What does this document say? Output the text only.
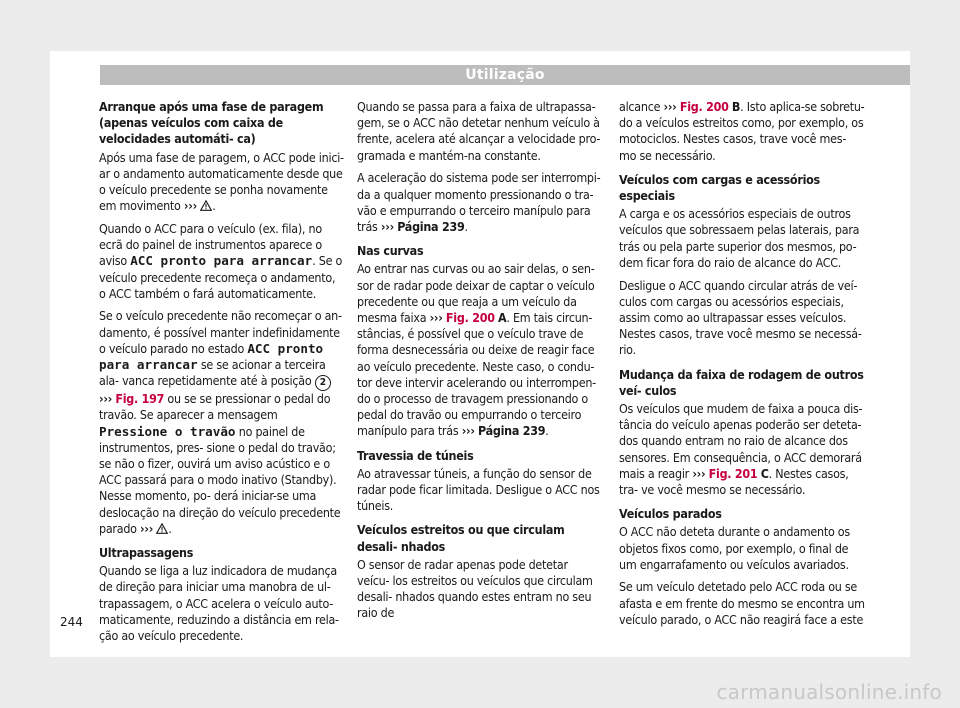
Utilização
Arranque após uma fase de paragem (apenas veículos com caixa de velocidades automáti- ca)

Após uma fase de paragem, o ACC pode inici- ar o andamento automaticamente desde que o veículo precedente se ponha novamente em movimento ››› .

Quando o ACC para o veículo (ex. fila), no ecrã do painel de instrumentos aparece o aviso ACC pronto para arrancar. Se o veículo precedente recomeça o andamento, o ACC também o fará automaticamente.

Se o veículo precedente não recomeçar o an- damento, é possível manter indefinidamente o veículo parado no estado ACC pronto para arrancar se se acionar a terceira ala- vanca repetidamente até à posição 2 ››› Fig. 197 ou se se pressionar o pedal do travão. Se aparecer a mensagem Pressione o travão no painel de instrumentos, pres- sione o pedal do travão; se não o fizer, ouvirá um aviso acústico e o ACC passará para o modo inativo (Standby). Nesse momento, po- derá iniciar-se uma deslocação na direção do veículo precedente parado ››› .

Ultrapassagens

Quando se liga a luz indicadora de mudança de direção para iniciar uma manobra de ul- trapassagem, o ACC acelera o veículo auto- maticamente, reduzindo a distância em rela- ção ao veículo precedente.

Quando se passa para a faixa de ultrapassa- gem, se o ACC não detetar nenhum veículo à frente, acelera até alcançar a velocidade pro- gramada e mantém-na constante.

A aceleração do sistema pode ser interrompi- da a qualquer momento pressionando o tra- vão e empurrando o terceiro manípulo para trás ››› Página 239.

Nas curvas

Ao entrar nas curvas ou ao sair delas, o sen- sor de radar pode deixar de captar o veículo precedente ou que reaja a um veículo da mesma faixa ››› Fig. 200 A. Em tais circun- stâncias, é possível que o veículo trave de forma desnecessária ou deixe de reagir face ao veículo precedente. Neste caso, o condu- tor deve intervir acelerando ou interrompen- do o processo de travagem pressionando o pedal do travão ou empurrando o terceiro manípulo para trás ››› Página 239.

Travessia de túneis

Ao atravessar túneis, a função do sensor de radar pode ficar limitada. Desligue o ACC nos túneis.

Veículos estreitos ou que circulam desali- nhados

O sensor de radar apenas pode detetar veícu- los estreitos ou veículos que circulam desali- nhados quando estes entram no seu raio de

alcance ››› Fig. 200 B. Isto aplica-se sobretu- do a veículos estreitos como, por exemplo, os motociclos. Nestes casos, trave você mes- mo se necessário.

Veículos com cargas e acessórios especiais

A carga e os acessórios especiais de outros veículos que sobressaem pelas laterais, para trás ou pela parte superior dos mesmos, po- dem ficar fora do raio de alcance do ACC.

Desligue o ACC quando circular atrás de veí- culos com cargas ou acessórios especiais, assim como ao ultrapassar esses veículos. Nestes casos, trave você mesmo se necessá- rio.

Mudança da faixa de rodagem de outros veí- culos

Os veículos que mudem de faixa a pouca dis- tância do veículo apenas poderão ser deteta- dos quando entram no raio de alcance dos sensores. Em consequência, o ACC demorará mais a reagir ››› Fig. 201 C. Nestes casos, tra- ve você mesmo se necessário.

Veículos parados

O ACC não deteta durante o andamento os objetos fixos como, por exemplo, o final de um engarrafamento ou veículos avariados.

Se um veículo detetado pelo ACC roda ou se afasta e em frente do mesmo se encontra um veículo parado, o ACC não reagirá face a este

244
carmanualsonline.info
